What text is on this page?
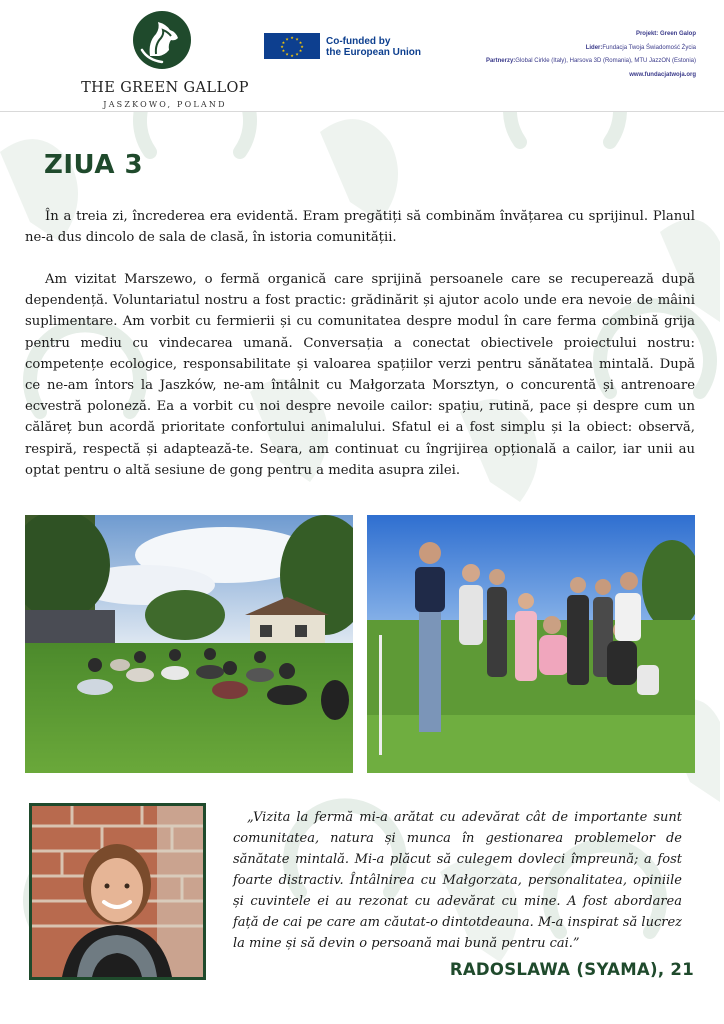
THE GREEN GALLOP
JASZKOWO, POLAND
★ ★
★
★
★
★
★
★
★
★
★
★	Co-funded by
the European Union
Projekt: Green Galop
Lider:Fundacja Twoja Świadomość Życia
Partnerzy:Global Cirkle (Italy), Harsova 3D (Romania), MTU JazzON (Estonia)
www.fundacjatwoja.org
ZIUA 3

În a treia zi, încrederea era evidentă. Eram pregătiți să combinăm învățarea cu sprijinul. Planul ne-a dus dincolo de sala de clasă, în istoria comunității.

Am vizitat Marszewo, o fermă organică care sprijină persoanele care se recuperează după dependență. Voluntariatul nostru a fost practic: grădinărit și ajutor acolo unde era nevoie de mâini suplimentare. Am vorbit cu fermierii și cu comunitatea despre modul în care ferma combină grija pentru mediu cu vindecarea umană. Conversația a conectat obiectivele proiectului nostru: competențe ecologice, responsabilitate și valoarea spațiilor verzi pentru sănătatea mintală. După ce ne-am întors la Jaszków, ne-am întâlnit cu Małgorzata Morsztyn, o concurentă și antrenoare ecvestră poloneză. Ea a vorbit cu noi despre nevoile cailor: spațiu, rutină, pace și despre cum un călăreț bun acordă prioritate confortului animalului. Sfatul ei a fost simplu și la obiect: observă, respiră, respectă și adaptează-te. Seara, am continuat cu îngrijirea opțională a cailor, iar unii au optat pentru o altă sesiune de gong pentru a medita asupra zilei.

„Vizita la fermă mi-a arătat cu adevărat cât de importante sunt comunitatea, natura și munca în gestionarea problemelor de sănătate mintală. Mi-a plăcut să culegem dovleci împreună; a fost foarte distractiv. Întâlnirea cu Małgorzata, personalitatea, opiniile și cuvintele ei au rezonat cu adevărat cu mine. A fost abordarea față de cai pe care am căutat-o dintotdeauna. M-a inspirat să lucrez la mine și să devin o persoană mai bună pentru cai.”
RADOSLAWA (SYAMA), 21
